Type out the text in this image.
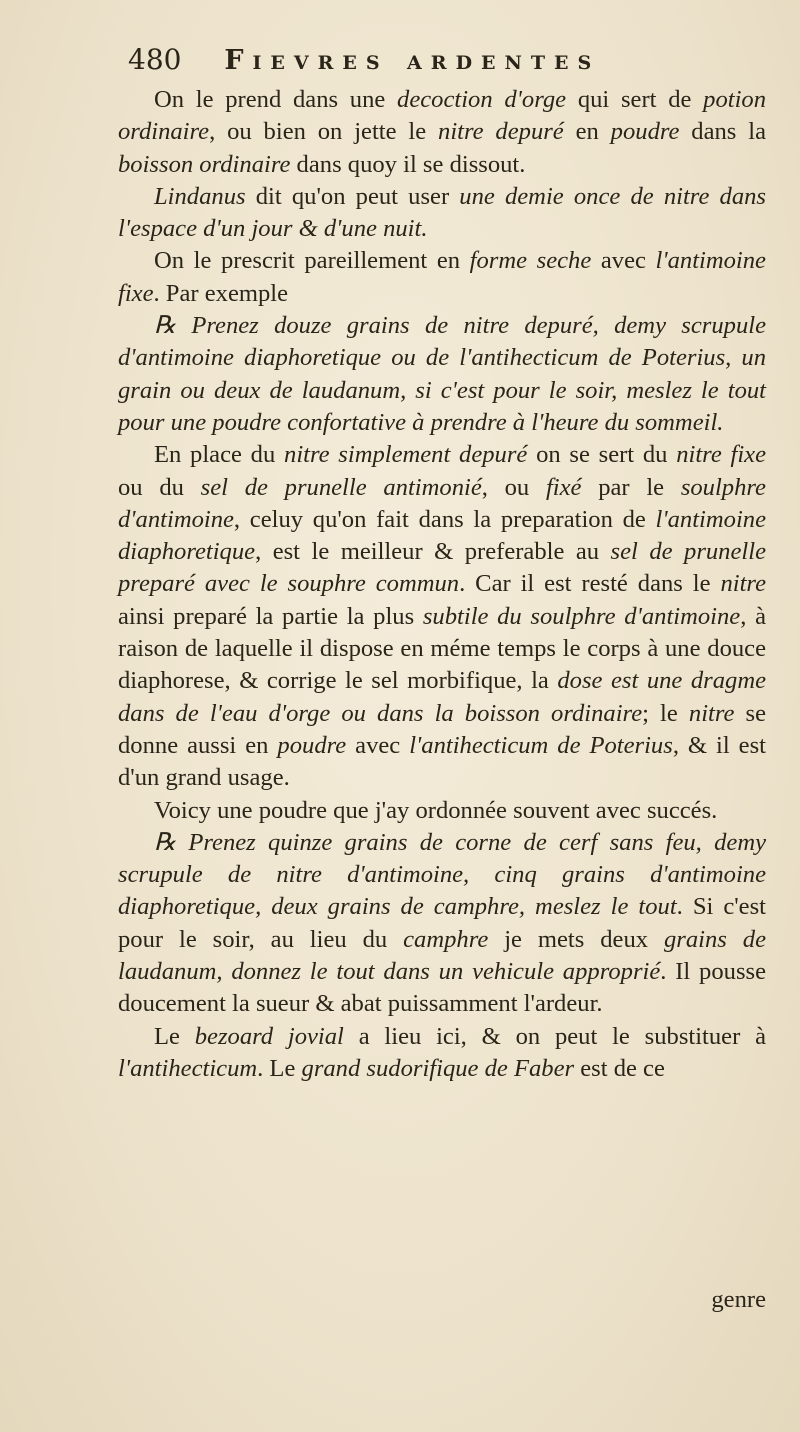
480 Fievres ardentes

On le prend dans une decoction d'orge qui sert de potion ordinaire, ou bien on jette le nitre depuré en poudre dans la boisson ordinaire dans quoy il se dissout.

Lindanus dit qu'on peut user une demie once de nitre dans l'espace d'un jour & d'une nuit.

On le prescrit pareillement en forme seche avec l'antimoine fixe. Par exemple

℞ Prenez douze grains de nitre depuré, demy scrupule d'antimoine diaphoretique ou de l'antihecticum de Poterius, un grain ou deux de laudanum, si c'est pour le soir, meslez le tout pour une poudre confortative à prendre à l'heure du sommeil.

En place du nitre simplement depuré on se sert du nitre fixe ou du sel de prunelle antimonié, ou fixé par le soulphre d'antimoine, celuy qu'on fait dans la preparation de l'antimoine diaphoretique, est le meilleur & preferable au sel de prunelle preparé avec le souphre commun. Car il est resté dans le nitre ainsi preparé la partie la plus subtile du soulphre d'antimoine, à raison de laquelle il dispose en méme temps le corps à une douce diaphorese, & corrige le sel morbifique, la dose est une dragme dans de l'eau d'orge ou dans la boisson ordinaire; le nitre se donne aussi en poudre avec l'antihecticum de Poterius, & il est d'un grand usage.

Voicy une poudre que j'ay ordonnée souvent avec succés.

℞ Prenez quinze grains de corne de cerf sans feu, demy scrupule de nitre d'antimoine, cinq grains d'antimoine diaphoretique, deux grains de camphre, meslez le tout. Si c'est pour le soir, au lieu du camphre je mets deux grains de laudanum, donnez le tout dans un vehicule approprié. Il pousse doucement la sueur & abat puissamment l'ardeur.

Le bezoard jovial a lieu ici, & on peut le substituer à l'antihecticum. Le grand sudorifique de Faber est de ce

genre
